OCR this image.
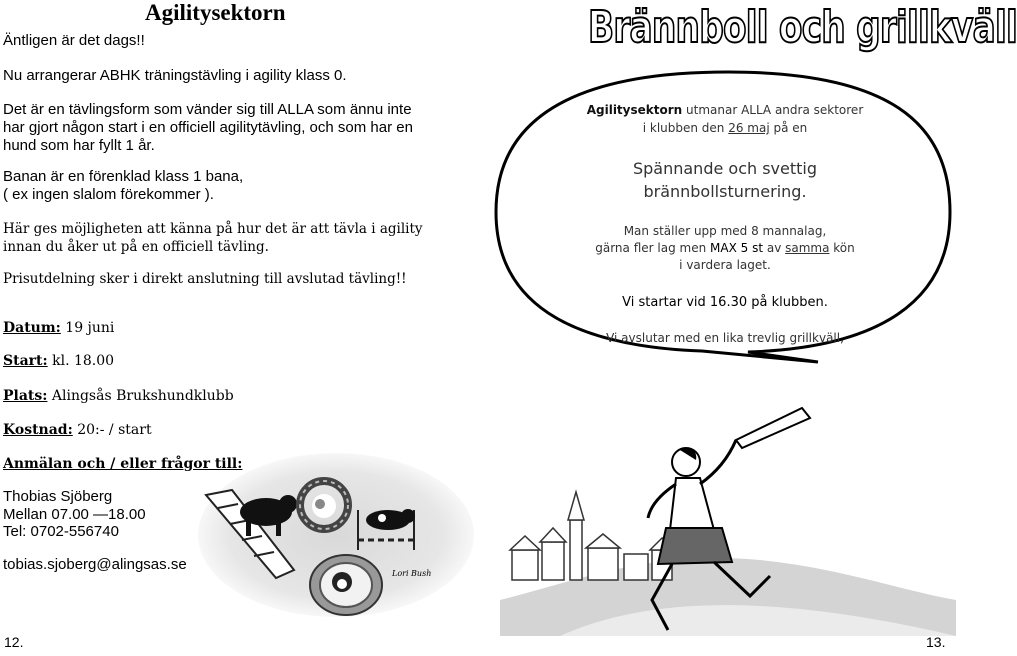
Agilitysektorn
Äntligen är det dags!!
Nu arrangerar ABHK träningstävling i agility klass 0.
Det är en tävlingsform som vänder sig till ALLA som ännu inte
har gjort någon start i en officiell agilitytävling, och som har en
hund som har fyllt 1 år.
Banan är en förenklad klass 1 bana,
( ex ingen slalom förekommer ).
Här ges möjligheten att känna på hur det är att tävla i agility
innan du åker ut på en officiell tävling.
Prisutdelning sker i direkt anslutning till avslutad tävling!!
Datum: 19 juni
Start: kl. 18.00
Plats: Alingsås Brukshundklubb
Kostnad: 20:- / start
Anmälan och / eller frågor till:
Thobias Sjöberg
Mellan 07.00 —18.00
Tel: 0702-556740
tobias.sjoberg@alingsas.se
Lori Bush
12.
Brännboll och grillkväll
Agilitysektorn utmanar ALLA andra sektorer
i klubben den 26 maj på en
Spännande och svettig
brännbollsturnering.
Man ställer upp med 8 mannalag,
gärna fler lag men MAX 5 st av samma kön
i vardera laget.
Vi startar vid 16.30 på klubben.
Vi avslutar med en lika trevlig grillkväll,
13.
